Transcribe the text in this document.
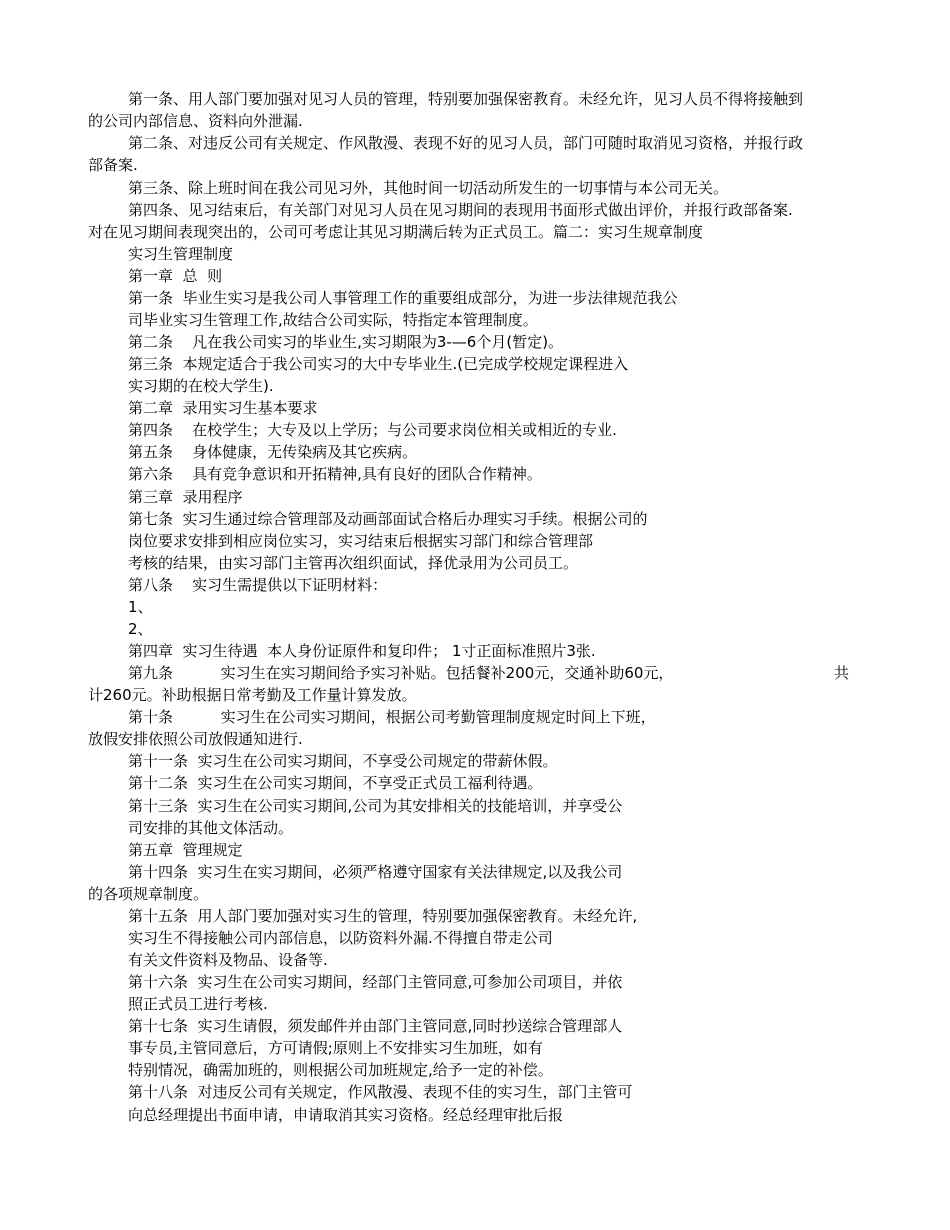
第一条、用人部门要加强对见习人员的管理，特别要加强保密教育。未经允许，见习人员不得将接触到
的公司内部信息、资料向外泄漏.
第二条、对违反公司有关规定、作风散漫、表现不好的见习人员，部门可随时取消见习资格，并报行政
部备案.
第三条、除上班时间在我公司见习外，其他时间一切活动所发生的一切事情与本公司无关。
第四条、见习结束后，有关部门对见习人员在见习期间的表现用书面形式做出评价，并报行政部备案.
对在见习期间表现突出的，公司可考虑让其见习期满后转为正式员工。篇二：实习生规章制度
实习生管理制度
第一章  总  则
第一条  毕业生实习是我公司人事管理工作的重要组成部分，为进一步法律规范我公
司毕业实习生管理工作,故结合公司实际，特指定本管理制度。
第二条    凡在我公司实习的毕业生,实习期限为3-—6个月(暂定)。
第三条  本规定适合于我公司实习的大中专毕业生.(已完成学校规定课程进入
实习期的在校大学生).
第二章  录用实习生基本要求
第四条    在校学生；大专及以上学历；与公司要求岗位相关或相近的专业.
第五条    身体健康，无传染病及其它疾病。
第六条    具有竞争意识和开拓精神,具有良好的团队合作精神。
第三章  录用程序
第七条  实习生通过综合管理部及动画部面试合格后办理实习手续。根据公司的
岗位要求安排到相应岗位实习，实习结束后根据实习部门和综合管理部
考核的结果，由实习部门主管再次组织面试，择优录用为公司员工。
第八条    实习生需提供以下证明材料：
1、
2、
第四章  实习生待遇  本人身份证原件和复印件； 1寸正面标准照片3张.
第九条          实习生在实习期间给予实习补贴。包括餐补200元，交通补助60元，	共
计260元。补助根据日常考勤及工作量计算发放。
第十条          实习生在公司实习期间，根据公司考勤管理制度规定时间上下班，
放假安排依照公司放假通知进行.
第十一条  实习生在公司实习期间，不享受公司规定的带薪休假。
第十二条  实习生在公司实习期间，不享受正式员工福利待遇。
第十三条  实习生在公司实习期间,公司为其安排相关的技能培训，并享受公
司安排的其他文体活动。
第五章  管理规定
第十四条  实习生在实习期间，必须严格遵守国家有关法律规定,以及我公司
的各项规章制度。
第十五条  用人部门要加强对实习生的管理，特别要加强保密教育。未经允许,
实习生不得接触公司内部信息，以防资料外漏.不得擅自带走公司
有关文件资料及物品、设备等.
第十六条  实习生在公司实习期间，经部门主管同意,可参加公司项目，并依
照正式员工进行考核.
第十七条  实习生请假，须发邮件并由部门主管同意,同时抄送综合管理部人
事专员,主管同意后，方可请假;原则上不安排实习生加班，如有
特别情况，确需加班的，则根据公司加班规定,给予一定的补偿。
第十八条  对违反公司有关规定，作风散漫、表现不佳的实习生，部门主管可
向总经理提出书面申请，申请取消其实习资格。经总经理审批后报
